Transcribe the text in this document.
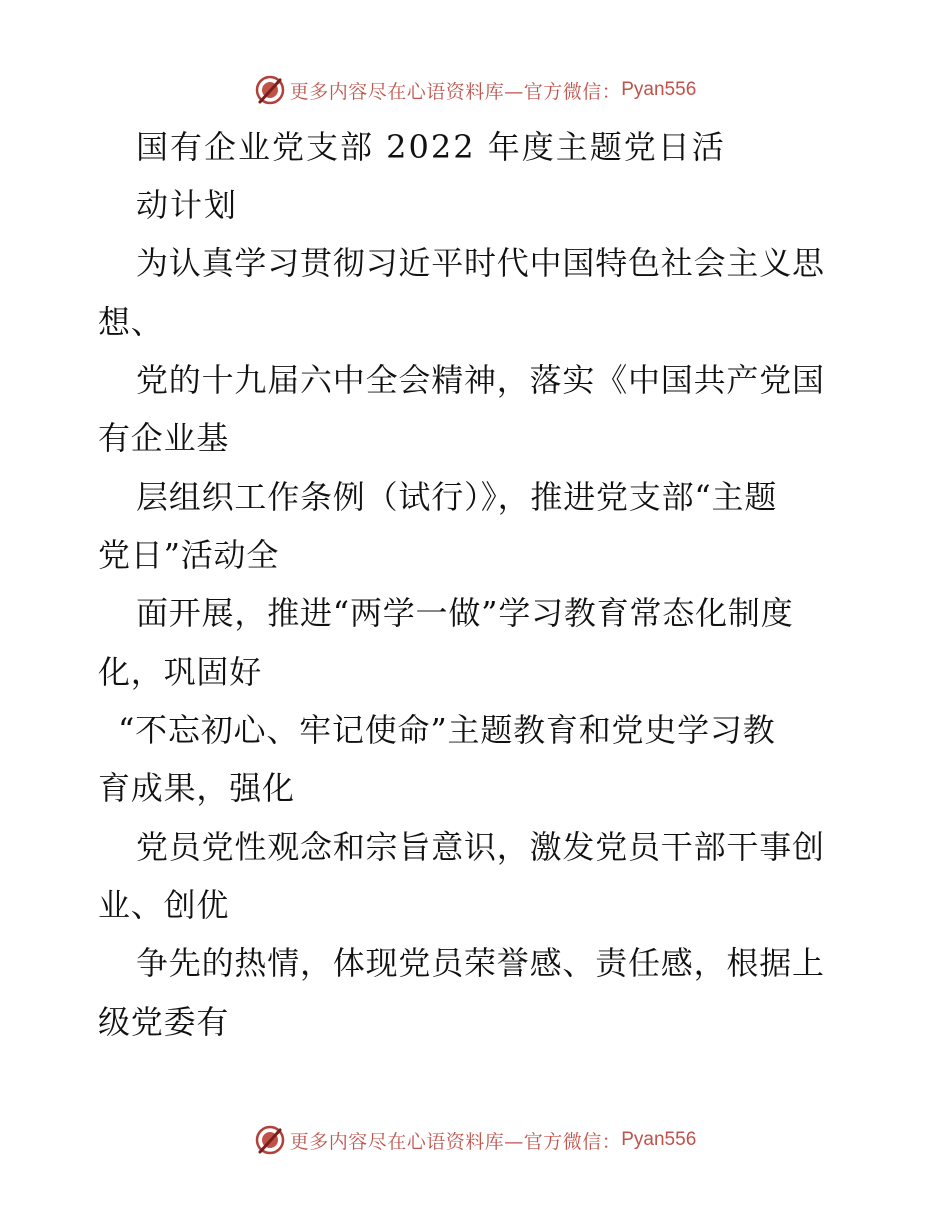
更多内容尽在心语资料库—官方微信： Pyan556
国有企业党支部 2022 年度主题党日活
动计划
为认真学习贯彻习近平时代中国特色社会主义思
想、
党的十九届六中全会精神，落实《中国共产党国
有企业基
层组织工作条例（试行）》，推进党支部“主题
党日”活动全
面开展，推进“两学一做”学习教育常态化制度
化，巩固好
“不忘初心、牢记使命”主题教育和党史学习教
育成果，强化
党员党性观念和宗旨意识，激发党员干部干事创
业、创优
争先的热情，体现党员荣誉感、责任感，根据上
级党委有
更多内容尽在心语资料库—官方微信： Pyan556
